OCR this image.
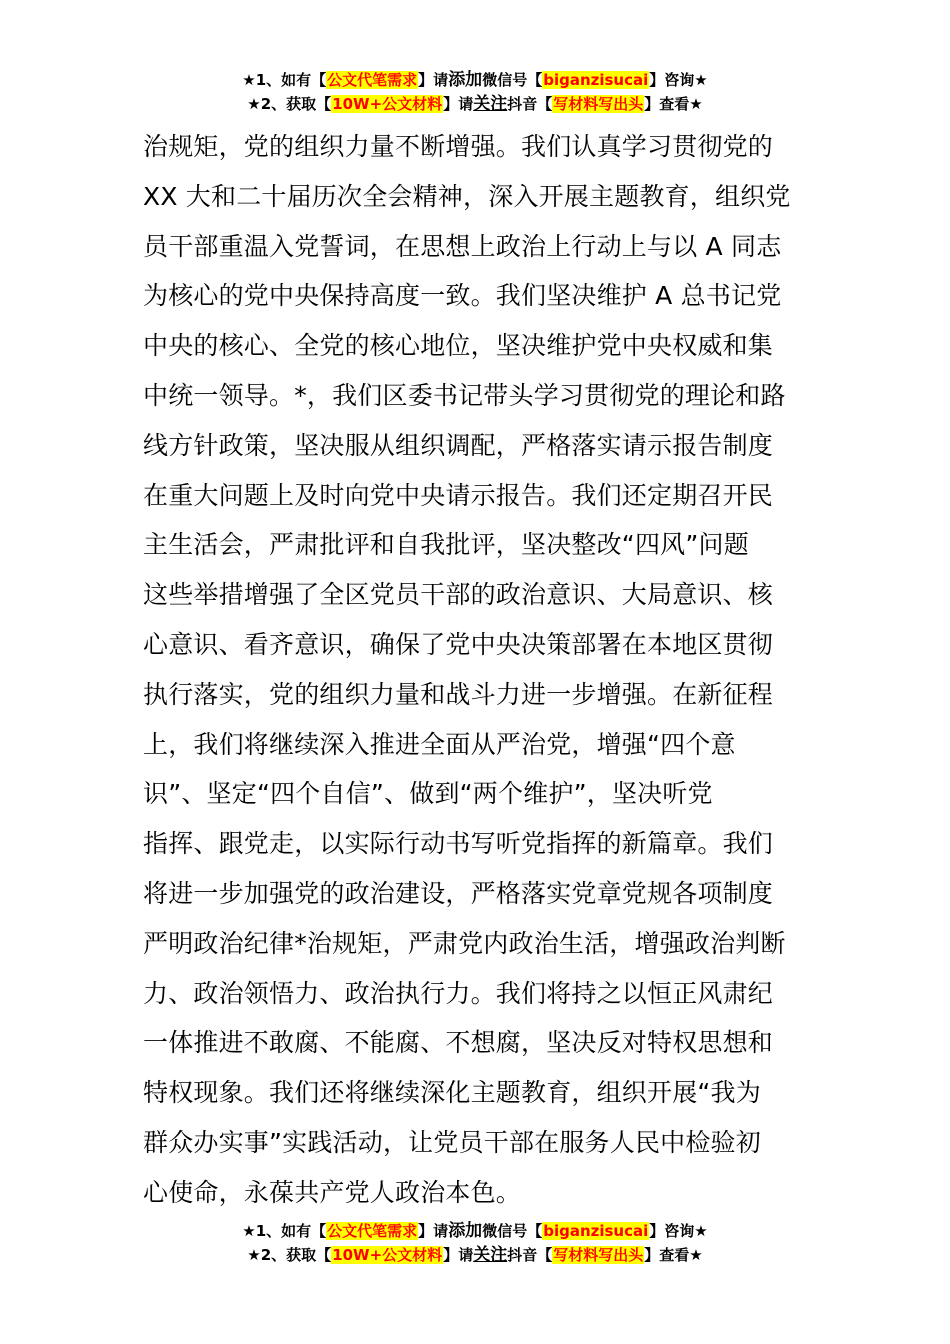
★1、如有【公文代笔需求】请添加微信号【biganzisucai】咨询★
★2、获取【10W+公文材料】请关注抖音【写材料写出头】查看★
治规矩，党的组织力量不断增强。我们认真学习贯彻党的
XX 大和二十届历次全会精神，深入开展主题教育，组织党
员干部重温入党誓词，在思想上政治上行动上与以 A 同志
为核心的党中央保持高度一致。我们坚决维护 A 总书记党
中央的核心、全党的核心地位，坚决维护党中央权威和集
中统一领导。*，我们区委书记带头学习贯彻党的理论和路
线方针政策，坚决服从组织调配，严格落实请示报告制度
在重大问题上及时向党中央请示报告。我们还定期召开民
主生活会，严肃批评和自我批评，坚决整改“四风”问题
这些举措增强了全区党员干部的政治意识、大局意识、核
心意识、看齐意识，确保了党中央决策部署在本地区贯彻
执行落实，党的组织力量和战斗力进一步增强。在新征程
上，我们将继续深入推进全面从严治党，增强“四个意
识”、坚定“四个自信”、做到“两个维护”，坚决听党
指挥、跟党走，以实际行动书写听党指挥的新篇章。我们
将进一步加强党的政治建设，严格落实党章党规各项制度
严明政治纪律*治规矩，严肃党内政治生活，增强政治判断
力、政治领悟力、政治执行力。我们将持之以恒正风肃纪
一体推进不敢腐、不能腐、不想腐，坚决反对特权思想和
特权现象。我们还将继续深化主题教育，组织开展“我为
群众办实事”实践活动，让党员干部在服务人民中检验初
心使命，永葆共产党人政治本色。
★1、如有【公文代笔需求】请添加微信号【biganzisucai】咨询★
★2、获取【10W+公文材料】请关注抖音【写材料写出头】查看★
